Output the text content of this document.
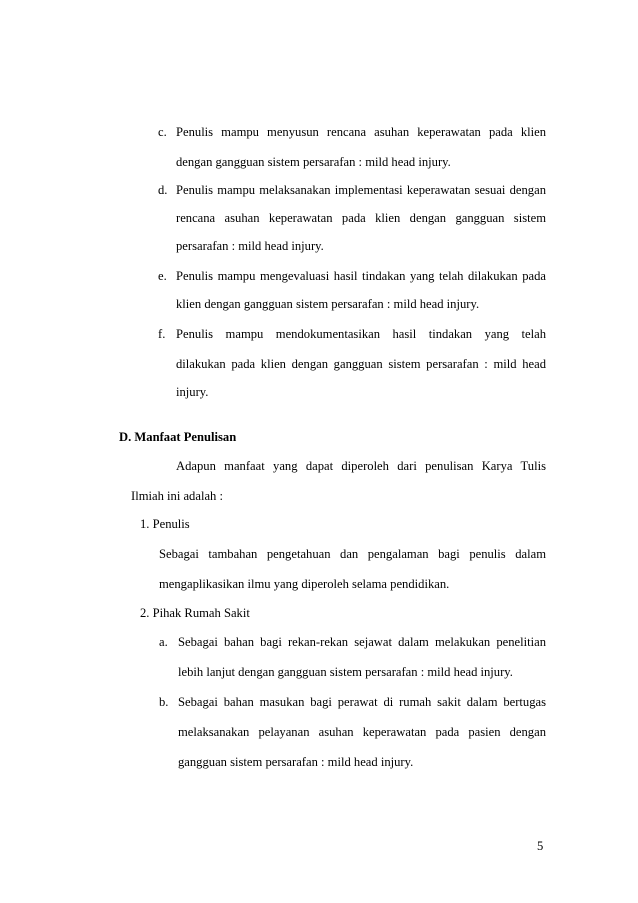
c. Penulis mampu menyusun rencana asuhan keperawatan pada klien
dengan gangguan sistem persarafan : mild head injury.
d. Penulis mampu melaksanakan implementasi keperawatan sesuai dengan
rencana asuhan keperawatan pada klien dengan gangguan sistem
persarafan : mild head injury.
e. Penulis mampu mengevaluasi hasil tindakan yang telah dilakukan pada
klien dengan gangguan sistem persarafan : mild head injury.
f. Penulis mampu mendokumentasikan hasil tindakan yang telah
dilakukan pada klien dengan gangguan sistem persarafan : mild head
injury.
D. Manfaat Penulisan
Adapun manfaat yang dapat diperoleh dari penulisan Karya Tulis
Ilmiah ini adalah :
1. Penulis
Sebagai tambahan pengetahuan dan pengalaman bagi penulis dalam
mengaplikasikan ilmu yang diperoleh selama pendidikan.
2. Pihak Rumah Sakit
a. Sebagai bahan bagi rekan-rekan sejawat dalam melakukan penelitian
lebih lanjut dengan gangguan sistem persarafan : mild head injury.
b. Sebagai bahan masukan bagi perawat di rumah sakit dalam bertugas
melaksanakan pelayanan asuhan keperawatan pada pasien dengan
gangguan sistem persarafan : mild head injury.
5
